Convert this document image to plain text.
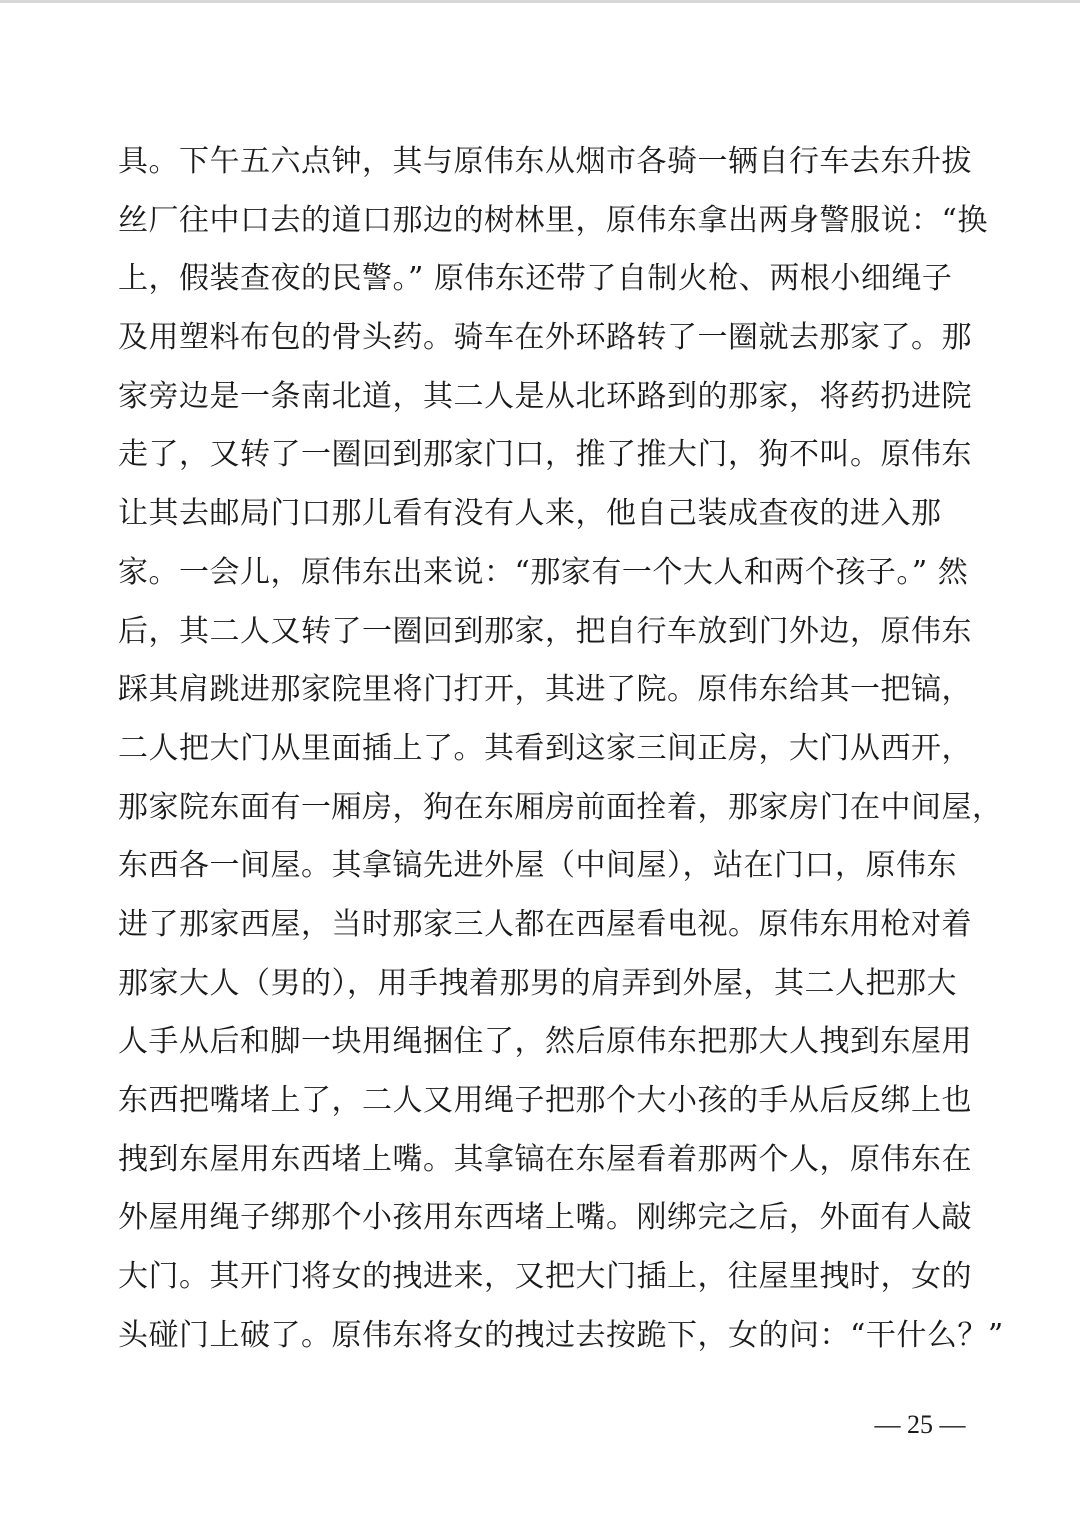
具。下午五六点钟，其与原伟东从烟市各骑一辆自行车去东升拔
丝厂往中口去的道口那边的树林里，原伟东拿出两身警服说：“换
上，假装查夜的民警。” 原伟东还带了自制火枪、两根小细绳子
及用塑料布包的骨头药。骑车在外环路转了一圈就去那家了。那
家旁边是一条南北道，其二人是从北环路到的那家，将药扔进院
走了，又转了一圈回到那家门口，推了推大门，狗不叫。原伟东
让其去邮局门口那儿看有没有人来，他自己装成查夜的进入那
家。一会儿，原伟东出来说：“那家有一个大人和两个孩子。” 然
后，其二人又转了一圈回到那家，把自行车放到门外边，原伟东
踩其肩跳进那家院里将门打开，其进了院。原伟东给其一把镐，
二人把大门从里面插上了。其看到这家三间正房，大门从西开，
那家院东面有一厢房，狗在东厢房前面拴着，那家房门在中间屋，
东西各一间屋。其拿镐先进外屋（中间屋），站在门口，原伟东
进了那家西屋，当时那家三人都在西屋看电视。原伟东用枪对着
那家大人（男的），用手拽着那男的肩弄到外屋，其二人把那大
人手从后和脚一块用绳捆住了，然后原伟东把那大人拽到东屋用
东西把嘴堵上了，二人又用绳子把那个大小孩的手从后反绑上也
拽到东屋用东西堵上嘴。其拿镐在东屋看着那两个人，原伟东在
外屋用绳子绑那个小孩用东西堵上嘴。刚绑完之后，外面有人敲
大门。其开门将女的拽进来，又把大门插上，往屋里拽时，女的
头碰门上破了。原伟东将女的拽过去按跪下，女的问：“干什么？”
— 25 —
